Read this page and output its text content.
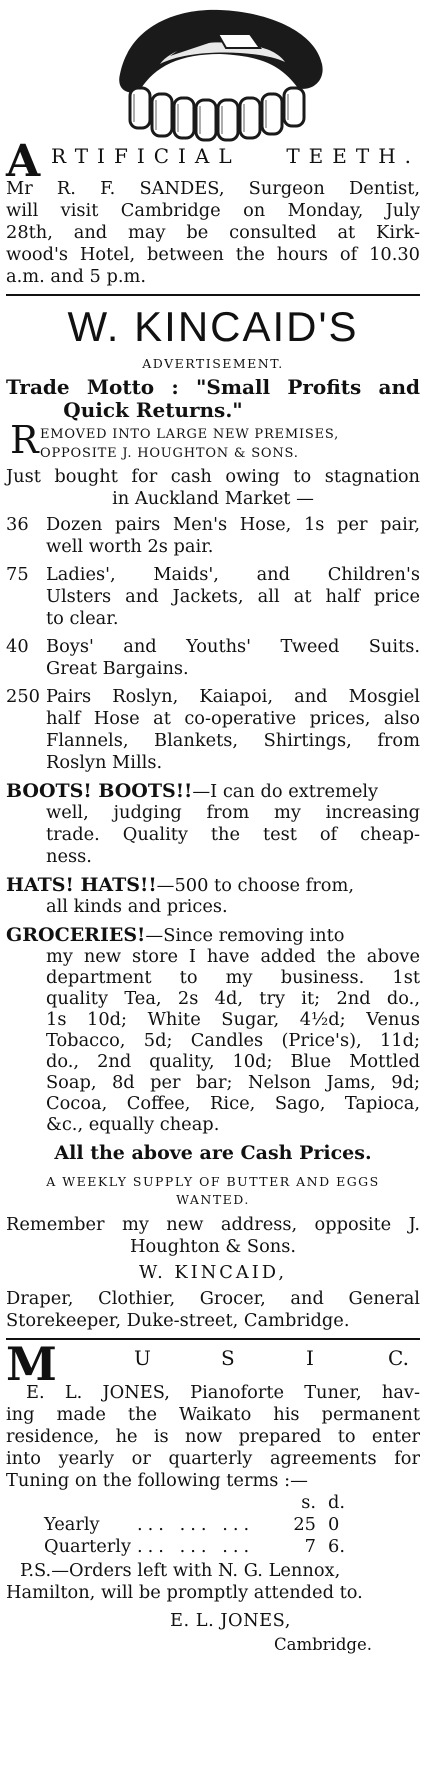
A RTIFICIAL TEETH.
Mr R. F. SANDES, Surgeon Dentist,
will visit Cambridge on Monday, July
28th, and may be consulted at Kirk-
wood's Hotel, between the hours of 10.30
a.m. and 5 p.m.
W. KINCAID'S
ADVERTISEMENT.
Trade Motto : "Small Profits and
Quick Returns."
R EMOVED INTO LARGE NEW PREMISES,
OPPOSITE J. HOUGHTON & SONS.
Just bought for cash owing to stagnation
in Auckland Market —
36 Dozen pairs Men's Hose, 1s per pair,
well worth 2s pair.
75 Ladies', Maids', and Children's
Ulsters and Jackets, all at half price
to clear.
40 Boys' and Youths' Tweed Suits.
Great Bargains.
250 Pairs Roslyn, Kaiapoi, and Mosgiel
half Hose at co-operative prices, also
Flannels, Blankets, Shirtings, from
Roslyn Mills.
BOOTS! BOOTS!!—I can do extremely
well, judging from my increasing
trade. Quality the test of cheap-
ness.
HATS! HATS!!—500 to choose from,
all kinds and prices.
GROCERIES!—Since removing into
my new store I have added the above
department to my business. 1st
quality Tea, 2s 4d, try it; 2nd do.,
1s 10d; White Sugar, 4½d; Venus
Tobacco, 5d; Candles (Price's), 11d;
do., 2nd quality, 10d; Blue Mottled
Soap, 8d per bar; Nelson Jams, 9d;
Cocoa, Coffee, Rice, Sago, Tapioca,
&c., equally cheap.
All the above are Cash Prices.
A WEEKLY SUPPLY OF BUTTER AND EGGS
WANTED.
Remember my new address, opposite J.
Houghton & Sons.
W. KINCAID,
Draper, Clothier, Grocer, and General
Storekeeper, Duke-street, Cambridge.
M	U	S	I	C.
E. L. JONES, Pianoforte Tuner, hav-
ing made the Waikato his permanent
residence, he is now prepared to enter
into yearly or quarterly agreements for
Tuning on the following terms :—
s. d.
Yearly ... ... ...	25 0
Quarterly ... ... ...	7 6.
P.S.—Orders left with N. G. Lennox,
Hamilton, will be promptly attended to.
E. L. JONES,
Cambridge.
